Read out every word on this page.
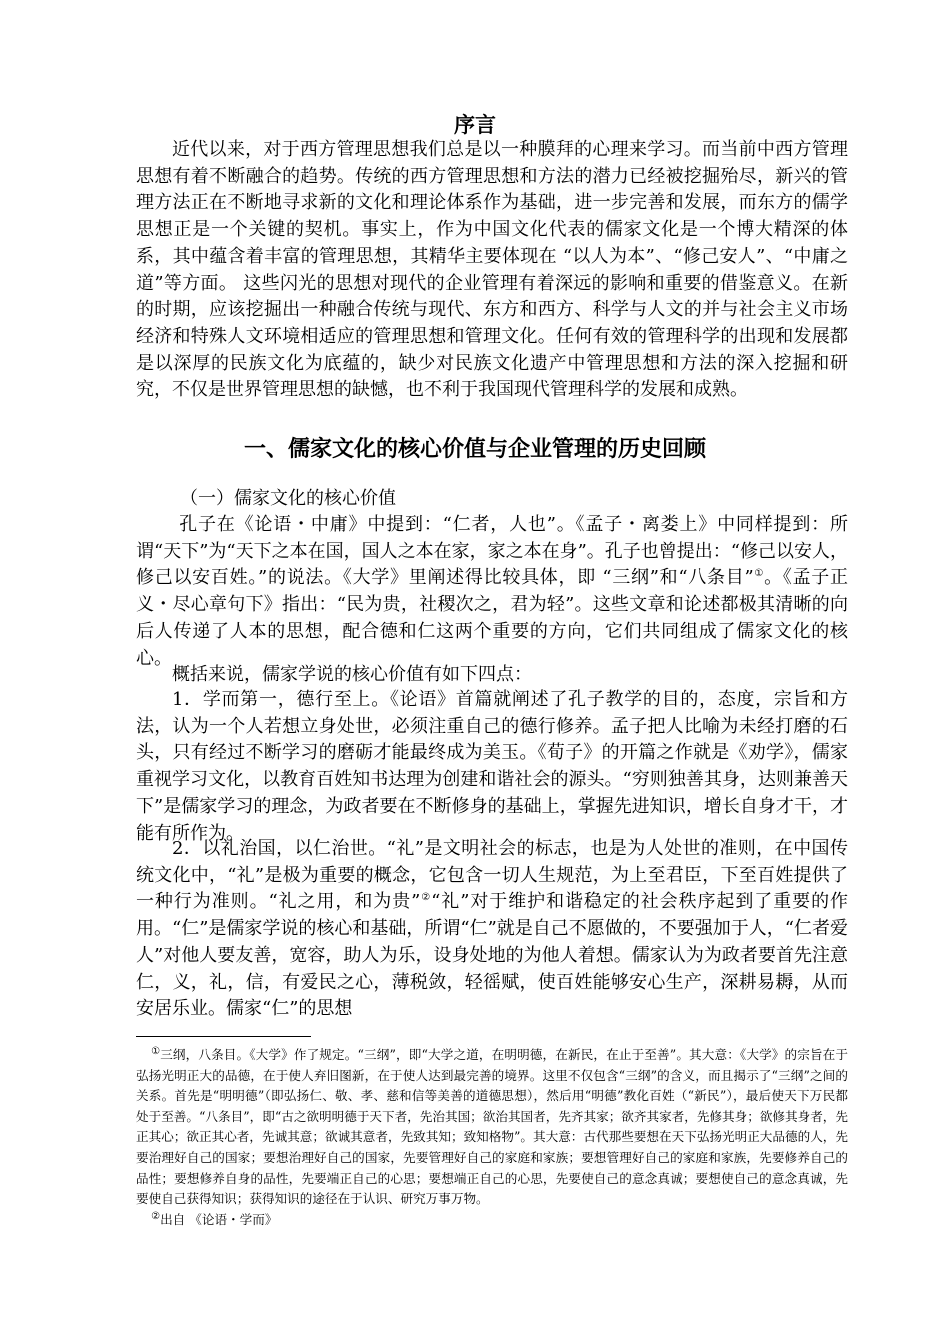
序言

近代以来，对于西方管理思想我们总是以一种膜拜的心理来学习。而当前中西方管理思想有着不断融合的趋势。传统的西方管理思想和方法的潜力已经被挖掘殆尽，新兴的管理方法正在不断地寻求新的文化和理论体系作为基础，进一步完善和发展，而东方的儒学思想正是一个关键的契机。事实上，作为中国文化代表的儒家文化是一个博大精深的体系，其中蕴含着丰富的管理思想，其精华主要体现在 “以人为本”、“修己安人”、“中庸之道”等方面。 这些闪光的思想对现代的企业管理有着深远的影响和重要的借鉴意义。在新的时期，应该挖掘出一种融合传统与现代、东方和西方、科学与人文的并与社会主义市场经济和特殊人文环境相适应的管理思想和管理文化。任何有效的管理科学的出现和发展都是以深厚的民族文化为底蕴的，缺少对民族文化遗产中管理思想和方法的深入挖掘和研究，不仅是世界管理思想的缺憾，也不利于我国现代管理科学的发展和成熟。

一、儒家文化的核心价值与企业管理的历史回顾
（一）儒家文化的核心价值

孔子在《论语・中庸》中提到：“仁者，人也”。《孟子・离娄上》中同样提到：所谓“天下”为“天下之本在国，国人之本在家，家之本在身”。孔子也曾提出：“修己以安人，修己以安百姓。”的说法。《大学》里阐述得比较具体，即 “三纲”和“八条目”①。《孟子正义・尽心章句下》指出：“民为贵，社稷次之，君为轻”。这些文章和论述都极其清晰的向后人传递了人本的思想，配合德和仁这两个重要的方向，它们共同组成了儒家文化的核心。

概括来说，儒家学说的核心价值有如下四点：

1．学而第一，德行至上。《论语》首篇就阐述了孔子教学的目的，态度，宗旨和方法，认为一个人若想立身处世，必须注重自己的德行修养。孟子把人比喻为未经打磨的石头，只有经过不断学习的磨砺才能最终成为美玉。《荀子》的开篇之作就是《劝学》，儒家重视学习文化，以教育百姓知书达理为创建和谐社会的源头。“穷则独善其身，达则兼善天下”是儒家学习的理念，为政者要在不断修身的基础上，掌握先进知识，增长自身才干，才能有所作为。

2．以礼治国，以仁治世。“礼”是文明社会的标志，也是为人处世的准则，在中国传统文化中，“礼”是极为重要的概念，它包含一切人生规范，为上至君臣，下至百姓提供了一种行为准则。“礼之用，和为贵”②“礼”对于维护和谐稳定的社会秩序起到了重要的作用。“仁”是儒家学说的核心和基础，所谓“仁”就是自己不愿做的，不要强加于人，“仁者爱人”对他人要友善，宽容，助人为乐，设身处地的为他人着想。儒家认为为政者要首先注意仁，义，礼，信，有爱民之心，薄税敛，轻徭赋，使百姓能够安心生产，深耕易耨，从而安居乐业。儒家“仁”的思想

①三纲，八条目。《大学》作了规定。“三纲”，即“大学之道，在明明德，在新民，在止于至善”。其大意：《大学》的宗旨在于弘扬光明正大的品德，在于使人弃旧图新，在于使人达到最完善的境界。这里不仅包含“三纲”的含义，而且揭示了“三纲”之间的关系。首先是“明明德”（即弘扬仁、敬、孝、慈和信等美善的道德思想），然后用“明德”教化百姓（“新民”），最后使天下万民都处于至善。“八条目”，即“古之欲明明德于天下者，先治其国；欲治其国者，先齐其家；欲齐其家者，先修其身；欲修其身者，先正其心；欲正其心者，先诚其意；欲诚其意者，先致其知；致知格物”。其大意：古代那些要想在天下弘扬光明正大品德的人，先要治理好自己的国家；要想治理好自己的国家，先要管理好自己的家庭和家族；要想管理好自己的家庭和家族，先要修养自己的品性；要想修养自身的品性，先要端正自己的心思；要想端正自己的心思，先要使自己的意念真诚；要想使自己的意念真诚，先要使自己获得知识；获得知识的途径在于认识、研究万事万物。

②出自 《论语・学而》
